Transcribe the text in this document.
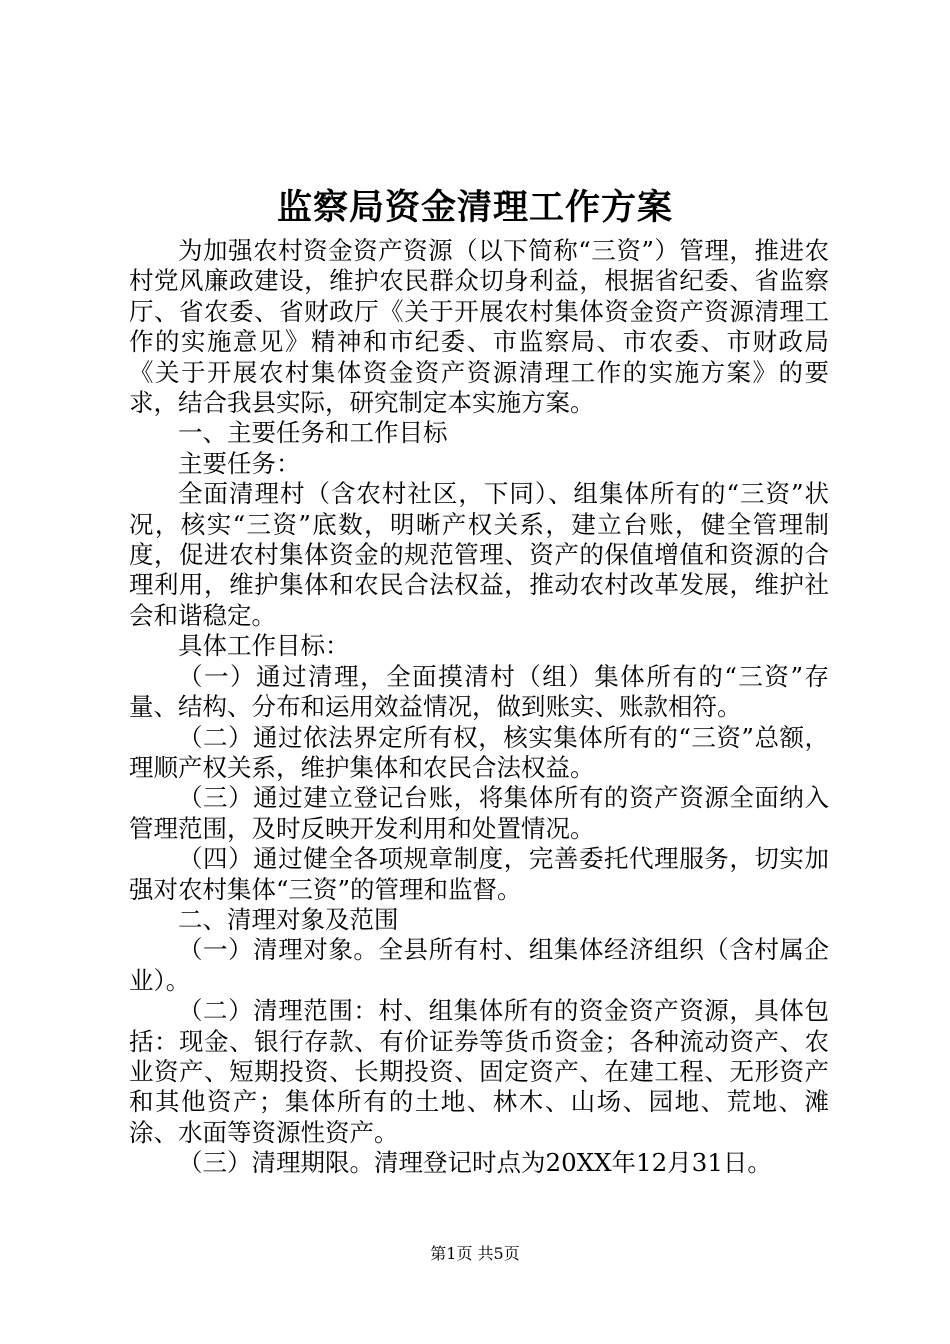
监察局资金清理工作方案

为加强农村资金资产资源（以下简称“三资”）管理，推进农村党风廉政建设，维护农民群众切身利益，根据省纪委、省监察厅、省农委、省财政厅《关于开展农村集体资金资产资源清理工作的实施意见》精神和市纪委、市监察局、市农委、市财政局《关于开展农村集体资金资产资源清理工作的实施方案》的要求，结合我县实际，研究制定本实施方案。

一、主要任务和工作目标

主要任务：

全面清理村（含农村社区，下同）、组集体所有的“三资”状况，核实“三资”底数，明晰产权关系，建立台账，健全管理制度，促进农村集体资金的规范管理、资产的保值增值和资源的合理利用，维护集体和农民合法权益，推动农村改革发展，维护社会和谐稳定。

具体工作目标：

（一）通过清理，全面摸清村（组）集体所有的“三资”存量、结构、分布和运用效益情况，做到账实、账款相符。

（二）通过依法界定所有权，核实集体所有的“三资”总额，理顺产权关系，维护集体和农民合法权益。

（三）通过建立登记台账，将集体所有的资产资源全面纳入管理范围，及时反映开发利用和处置情况。

（四）通过健全各项规章制度，完善委托代理服务，切实加强对农村集体“三资”的管理和监督。

二、清理对象及范围

（一）清理对象。全县所有村、组集体经济组织（含村属企业）。

（二）清理范围：村、组集体所有的资金资产资源，具体包括：现金、银行存款、有价证券等货币资金；各种流动资产、农业资产、短期投资、长期投资、固定资产、在建工程、无形资产和其他资产；集体所有的土地、林木、山场、园地、荒地、滩涂、水面等资源性资产。

（三）清理期限。清理登记时点为20XX年12月31日。

第1页 共5页
